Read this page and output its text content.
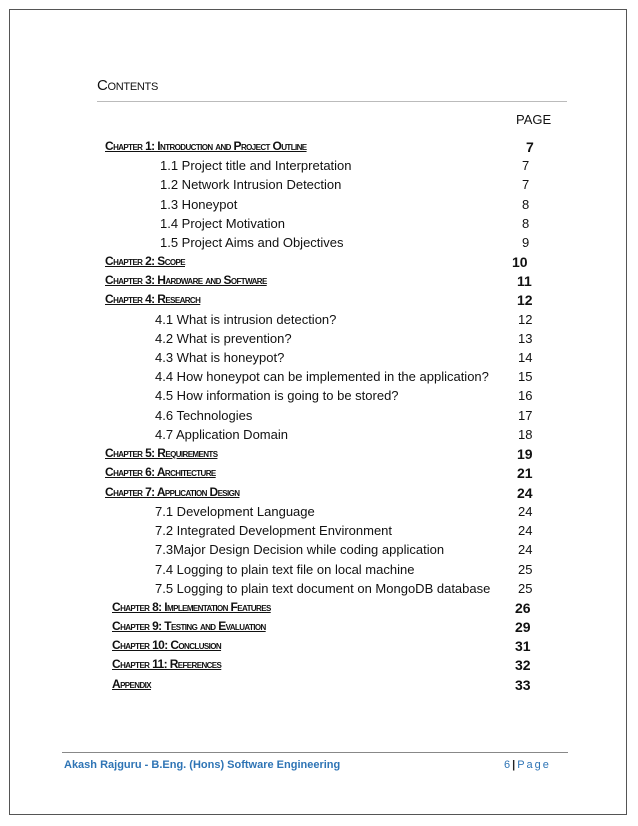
Contents
PAGE
Chapter 1: Introduction and Project Outline	7
1.1 Project title and Interpretation	7
1.2 Network Intrusion Detection	7
1.3 Honeypot	8
1.4 Project Motivation	8
1.5 Project Aims and Objectives	9
Chapter 2: Scope	10
Chapter 3: Hardware and Software	11
Chapter 4: Research	12
4.1 What is intrusion detection?	12
4.2 What is prevention?	13
4.3 What is honeypot?	14
4.4 How honeypot can be implemented in the application? 15
4.5 How information is going to be stored?	16
4.6 Technologies	17
4.7 Application Domain	18
Chapter 5: Requirements	19
Chapter 6: Architecture	21
Chapter 7: Application Design	24
7.1 Development Language	24
7.2 Integrated Development Environment	24
7.3Major Design Decision while coding application	24
7.4 Logging to plain text file on local machine	25
7.5 Logging to plain text document on MongoDB database 25
Chapter 8: Implementation Features	26
Chapter 9: Testing and Evaluation	29
Chapter 10: Conclusion	31
Chapter 11: References	32
Appendix	33
Akash Rajguru - B.Eng. (Hons) Software Engineering	6 | Page
